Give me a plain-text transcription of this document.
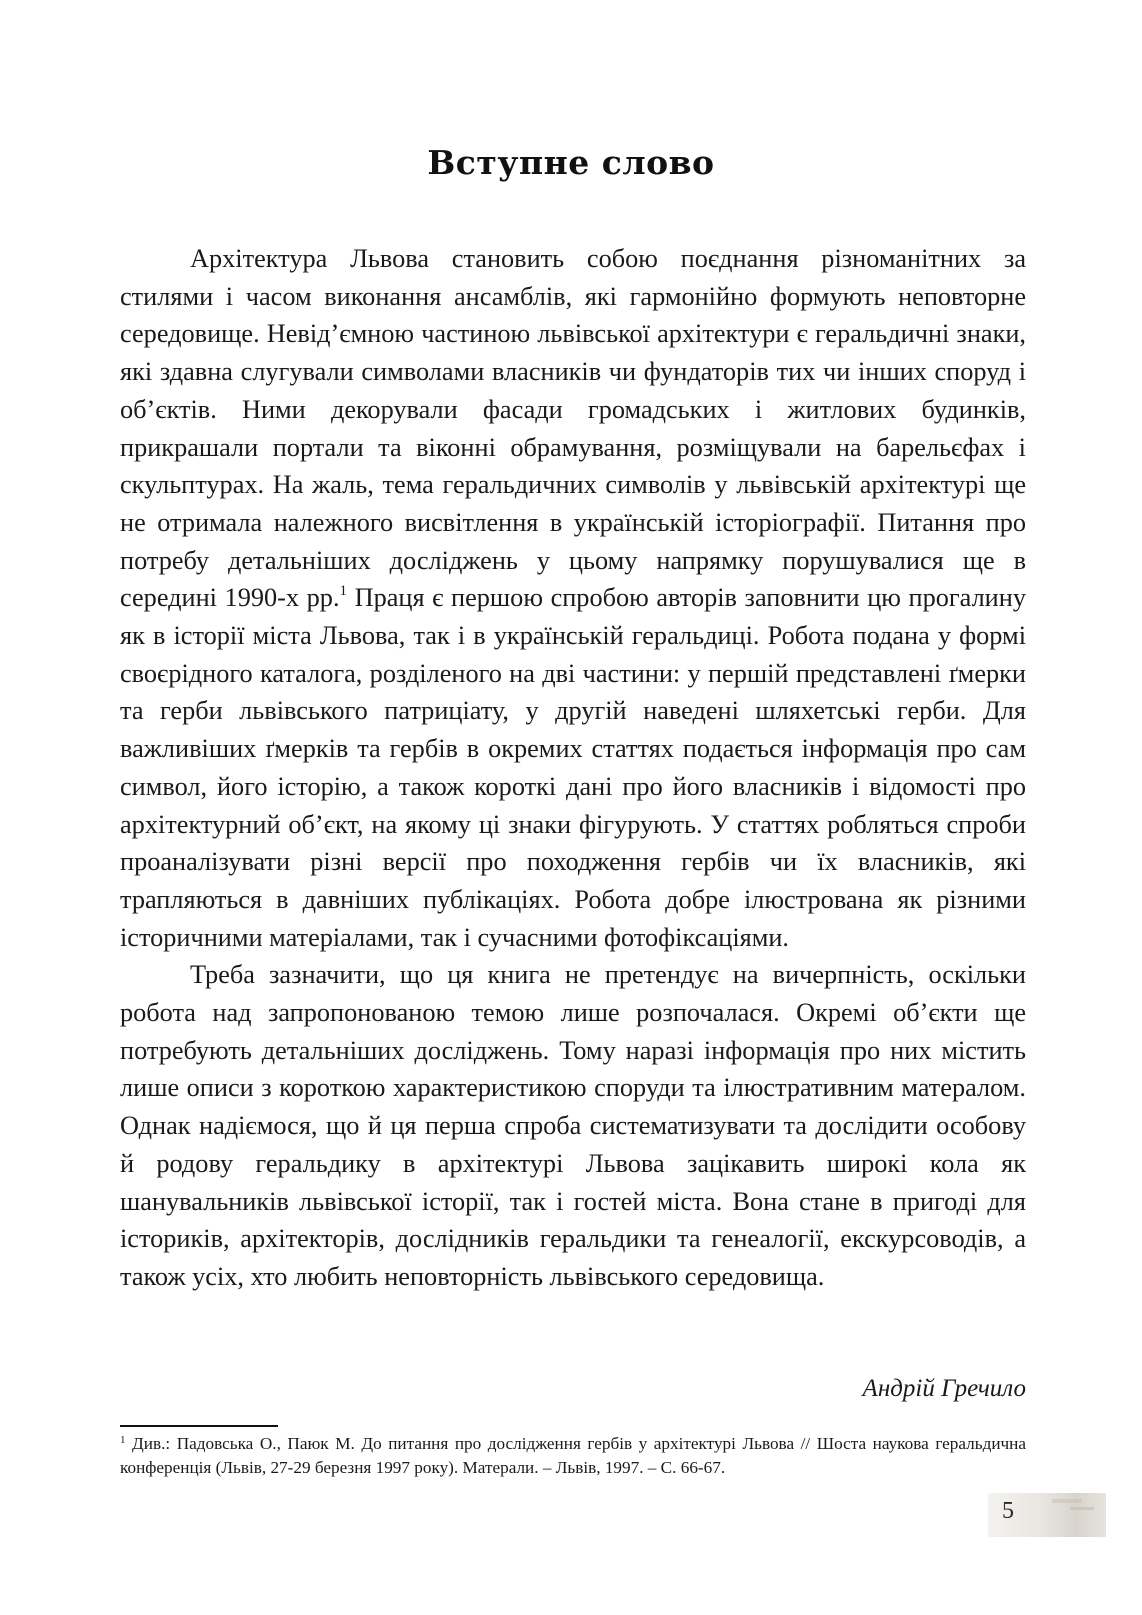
Вступне слово

Архітектура Львова становить собою поєднання різноманітних за стилями і часом виконання ансамблів, які гармонійно формують неповторне середовище. Невід’ємною частиною львівської архітектури є геральдичні знаки, які здавна слугували символами власників чи фундаторів тих чи інших споруд і об’єктів. Ними декорували фасади громадських і житлових будинків, прикрашали портали та віконні обрамування, розміщували на барельєфах і скульптурах. На жаль, тема геральдичних символів у львівській архітектурі ще не отримала належного висвітлення в українській історіографії. Питання про потребу детальніших досліджень у цьому напрямку порушувалися ще в середині 1990-х рр.$^1$ Праця є першою спробою авторів заповнити цю прогалину як в історії міста Львова, так і в українській геральдиці. Робота подана у формі своєрідного каталога, розділеного на дві частини: у першій представлені ґмерки та герби львівського патриціату, у другій наведені шляхетські герби. Для важливіших ґмерків та гербів в окремих статтях подається інформація про сам символ, його історію, а також короткі дані про його власників і відомості про архітектурний об’єкт, на якому ці знаки фігурують. У статтях робляться спроби проаналізувати різні версії про походження гербів чи їх власників, які трапляються в давніших публікаціях. Робота добре ілюстрована як різними історичними матеріалами, так і сучасними фотофіксаціями.

Треба зазначити, що ця книга не претендує на вичерпність, оскільки робота над запропонованою темою лише розпочалася. Окремі об’єкти ще потребують детальніших досліджень. Тому наразі інформація про них містить лише описи з короткою характеристикою споруди та ілюстративним матералом. Однак надіємося, що й ця перша спроба систематизувати та дослідити особову й родову геральдику в архітектурі Львова зацікавить широкі кола як шанувальників львівської історії, так і гостей міста. Вона стане в пригоді для істориків, архітекторів, дослідників геральдики та генеалогії, екскурсоводів, а також усіх, хто любить неповторність львівського середовища.

Андрій Гречило
$^1$ Див.: Падовська О., Паюк М. До питання про дослідження гербів у архітектурі Львова // Шоста наукова геральдична конференція (Львів, 27-29 березня 1997 року). Матерали. – Львів, 1997. – С. 66-67.
5
